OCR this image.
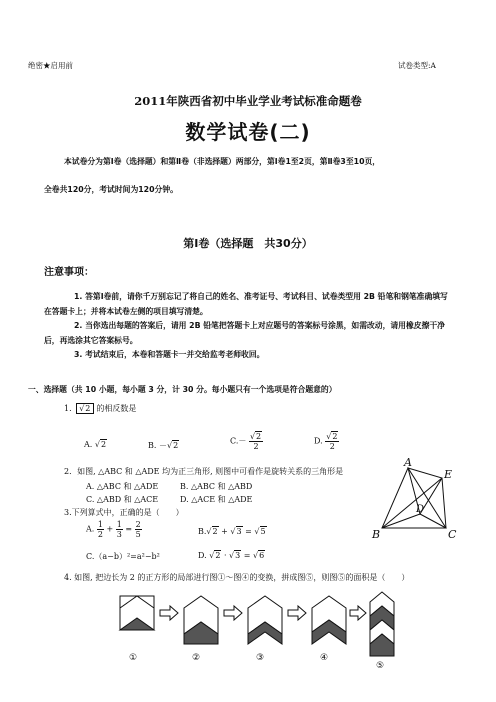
绝密★启用前	试卷类型:A
2011年陕西省初中毕业学业考试标准命题卷
数学试卷(二)
本试卷分为第Ⅰ卷（选择题）和第Ⅱ卷（非选择题）两部分，第Ⅰ卷1至2页，第Ⅱ卷3至10页，
全卷共120分，考试时间为120分钟。
第Ⅰ卷（选择题　共30分）
注意事项：
1. 答第Ⅰ卷前，请你千万别忘记了将自己的姓名、准考证号、考试科目、试卷类型用 2B 铅笔和钢笔准确填写在答题卡上；并将本试卷左侧的项目填写清楚。
2. 当你选出每题的答案后，请用 2B 铅笔把答题卡上对应题号的答案标号涂黑，如需改动，请用橡皮擦干净后，再选涂其它答案标号。
3. 考试结束后，本卷和答题卡一并交给监考老师收回。
一、选择题（共 10 小题，每小题 3 分，计 30 分。每小题只有一个选项是符合题意的）
1. √2 的相反数是
A. √2	B. －√2	$C.- \frac{√2}{2}$	D. $\frac{√2}{2}$
2．如图, △ABC 和 △ADE 均为正三角形, 则图中可看作是旋转关系的三角形是
A. △ABC 和 △ADE	B. △ABC 和 △ABD
C. △ABD 和 △ACE	D. △ACE 和 △ADE
3.下列算式中，正确的是（　　）
A. $\frac{1}{2} + \frac{1}{3} = \frac{2}{5}$	B.√2 + √3 = √5
C.（a−b）²=a²−b²	D. √2 · √3 = √6
4. 如图, 把边长为 2 的正方形的局部进行图①～图④的变换，拼成图⑤，则图⑤的面积是（　　）
A
E
D
B	C
①	②	③	④
⑤
